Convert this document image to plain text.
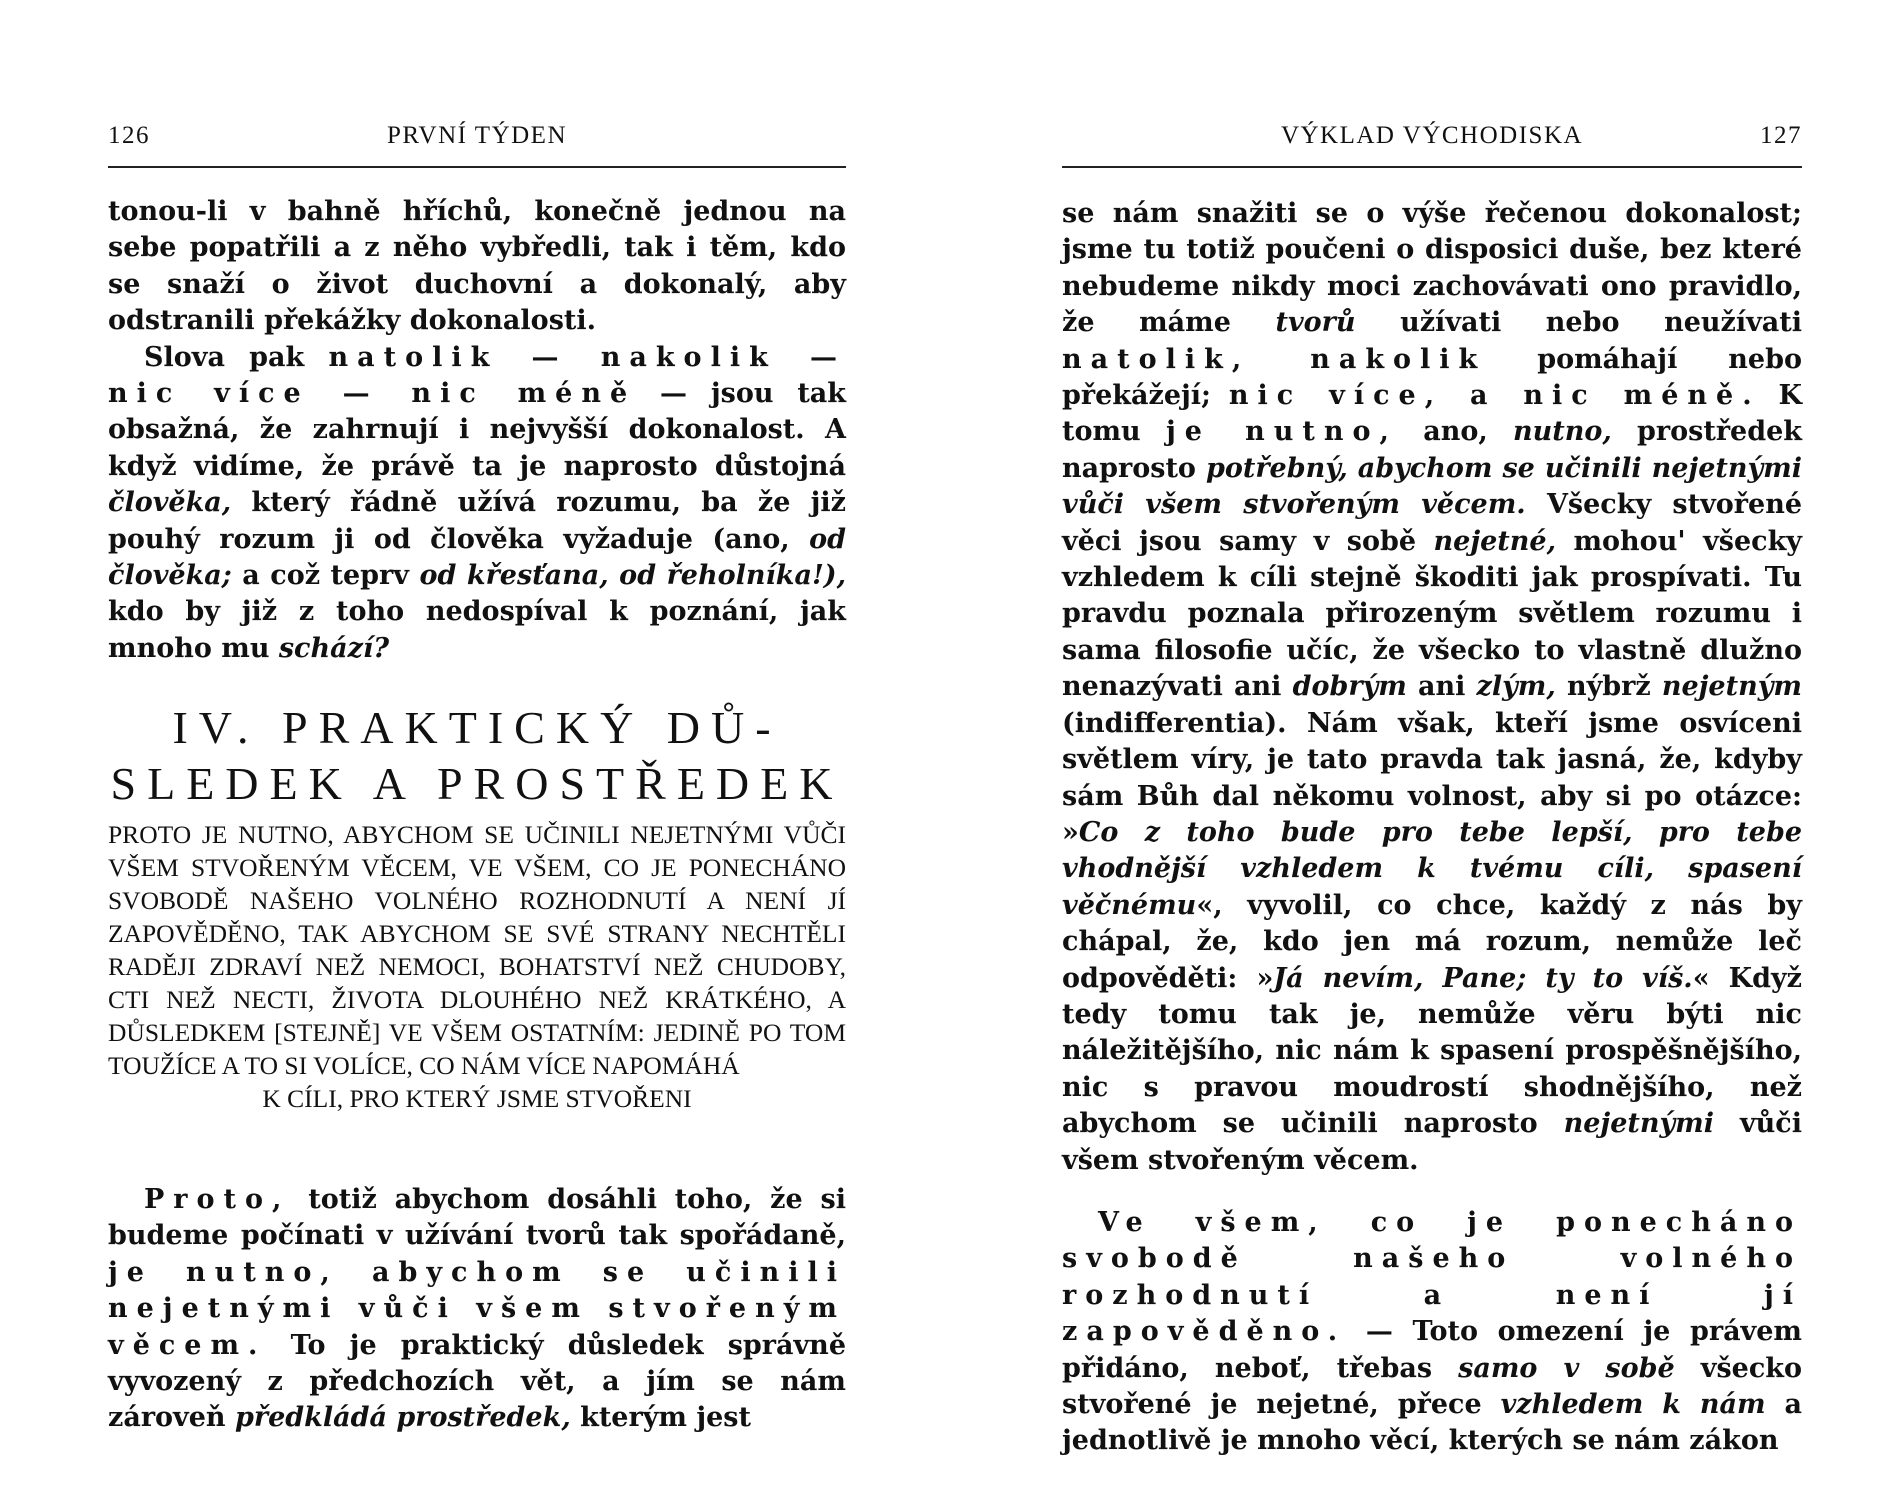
126	PRVNÍ TÝDEN

tonou-li v bahně hříchů, konečně jednou na sebe popatřili a z něho vybředli, tak i těm, kdo se snaží o život duchovní a dokonalý, aby odstranili překážky dokonalosti.

Slova pak natolik — nakolik — nic více — nic méně — jsou tak obsažná, že zahrnují i nejvyšší dokonalost. A když vidíme, že právě ta je naprosto důstojná člověka, který řádně užívá rozumu, ba že již pouhý rozum ji od člověka vyžaduje (ano, od člověka; a což teprv od křesťana, od řeholníka!), kdo by již z toho nedospíval k poznání, jak mnoho mu schází?

IV. PRAKTICKÝ DŮ-
SLEDEK A PROSTŘEDEK

PROTO JE NUTNO, ABYCHOM SE UČINILI NEJETNÝMI VŮČI VŠEM STVOŘENÝM VĚCEM, VE VŠEM, CO JE PONECHÁNO SVOBODĚ NAŠEHO VOLNÉHO ROZHODNUTÍ A NENÍ JÍ ZAPOVĚDĚNO, TAK ABYCHOM SE SVÉ STRANY NECHTĚLI RADĚJI ZDRAVÍ NEŽ NEMOCI, BOHATSTVÍ NEŽ CHUDOBY, CTI NEŽ NECTI, ŽIVOTA DLOUHÉHO NEŽ KRÁTKÉHO, A DŮSLEDKEM [STEJNĚ] VE VŠEM OSTATNÍM: JEDINĚ PO TOM TOUŽÍCE A TO SI VOLÍCE, CO NÁM VÍCE NAPOMÁHÁ
K CÍLI, PRO KTERÝ JSME STVOŘENI

Proto, totiž abychom dosáhli toho, že si budeme počínati v užívání tvorů tak spořádaně, je nutno, abychom se učinili nejetnými vůči všem stvořeným věcem. To je praktický důsledek správně vyvozený z předchozích vět, a jím se nám zároveň předkládá prostředek, kterým jest

VÝKLAD VÝCHODISKA	127

se nám snažiti se o výše řečenou dokonalost; jsme tu totiž poučeni o disposici duše, bez které nebudeme nikdy moci zachovávati ono pravidlo, že máme tvorů užívati nebo neužívati natolik, nakolik pomáhají nebo překážejí; nic více, a nic méně. K tomu je nutno, ano, nutno, prostředek naprosto potřebný, abychom se učinili nejetnými vůči všem stvořeným věcem. Všecky stvořené věci jsou samy v sobě nejetné, mohou' všecky vzhledem k cíli stejně škoditi jak prospívati. Tu pravdu poznala přirozeným světlem rozumu i sama filosofie učíc, že všecko to vlastně dlužno nenazývati ani dobrým ani zlým, nýbrž nejetným (indifferentia). Nám však, kteří jsme osvíceni světlem víry, je tato pravda tak jasná, že, kdyby sám Bůh dal někomu volnost, aby si po otázce: »Co z toho bude pro tebe lepší, pro tebe vhodnější vzhledem k tvému cíli, spasení věčnému«, vyvolil, co chce, každý z nás by chápal, že, kdo jen má rozum, nemůže leč odpověděti: »Já nevím, Pane; ty to víš.« Když tedy tomu tak je, nemůže věru býti nic náležitějšího, nic nám k spasení prospěšnějšího, nic s pravou moudrostí shodnějšího, než abychom se učinili naprosto nejetnými vůči všem stvořeným věcem.

Ve všem, co je ponecháno svobodě našeho volného rozhodnutí a není jí zapověděno. — Toto omezení je právem přidáno, neboť, třebas samo v sobě všecko stvořené je nejetné, přece vzhledem k nám a jednotlivě je mnoho věcí, kterých se nám zákon
